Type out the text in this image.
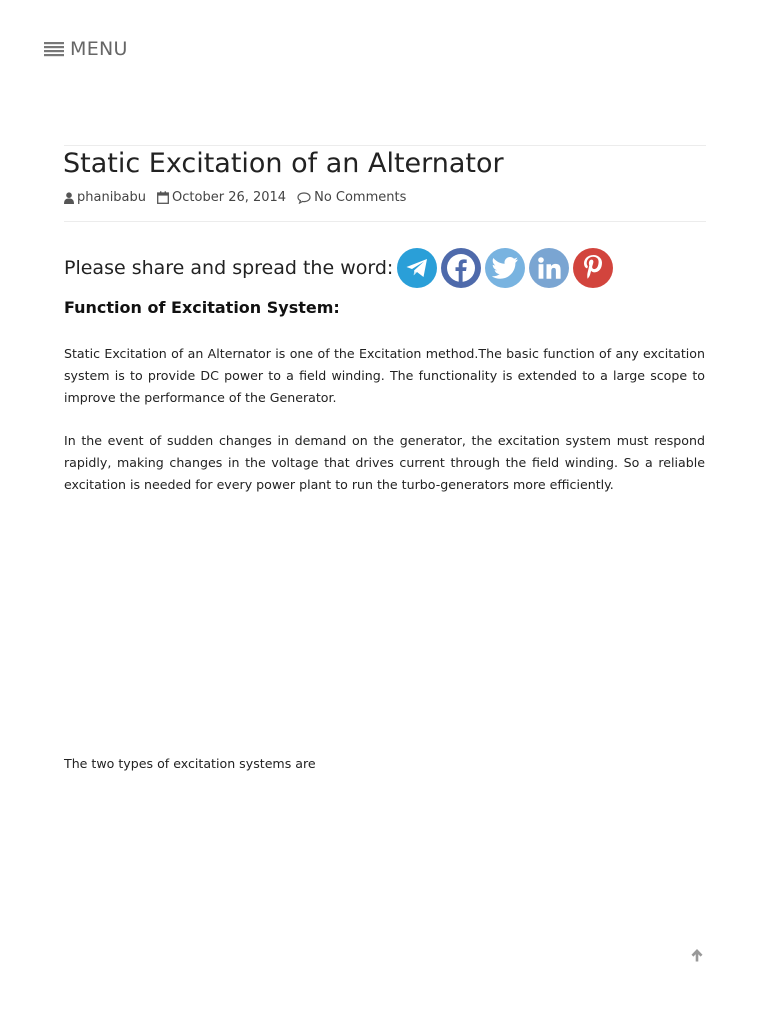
MENU
Static Excitation of an Alternator
phanibabu October 26, 2014 No Comments
Please share and spread the word:
Function of Excitation System:

Static Excitation of an Alternator is one of the Excitation method.The basic function of any excitation system is to provide DC power to a field winding. The functionality is extended to a large scope to improve the performance of the Generator.

In the event of sudden changes in demand on the generator, the excitation system must respond rapidly, making changes in the voltage that drives current through the field winding. So a reliable excitation is needed for every power plant to run the turbo-generators more efficiently.

The two types of excitation systems are
